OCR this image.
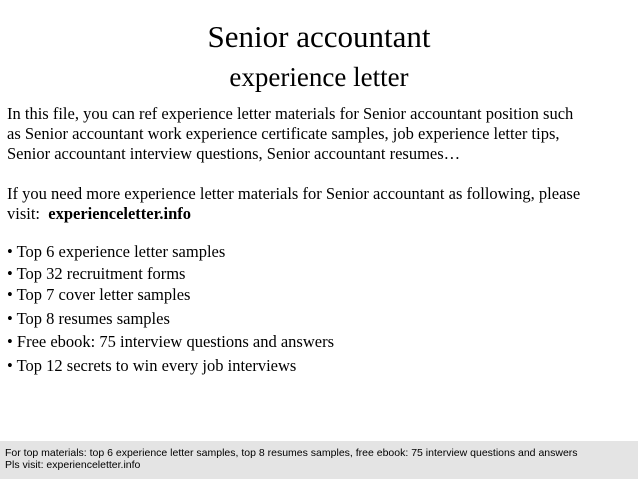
Senior accountant
experience letter

In this file, you can ref experience letter materials for Senior accountant position such
as Senior accountant work experience certificate samples, job experience letter tips,
Senior accountant interview questions, Senior accountant resumes…

If you need more experience letter materials for Senior accountant as following, please
visit: experienceletter.info

• Top 6 experience letter samples
• Top 32 recruitment forms
• Top 7 cover letter samples
• Top 8 resumes samples
• Free ebook: 75 interview questions and answers
• Top 12 secrets to win every job interviews
For top materials: top 6 experience letter samples, top 8 resumes samples, free ebook: 75 interview questions and answers
Pls visit: experienceletter.info
